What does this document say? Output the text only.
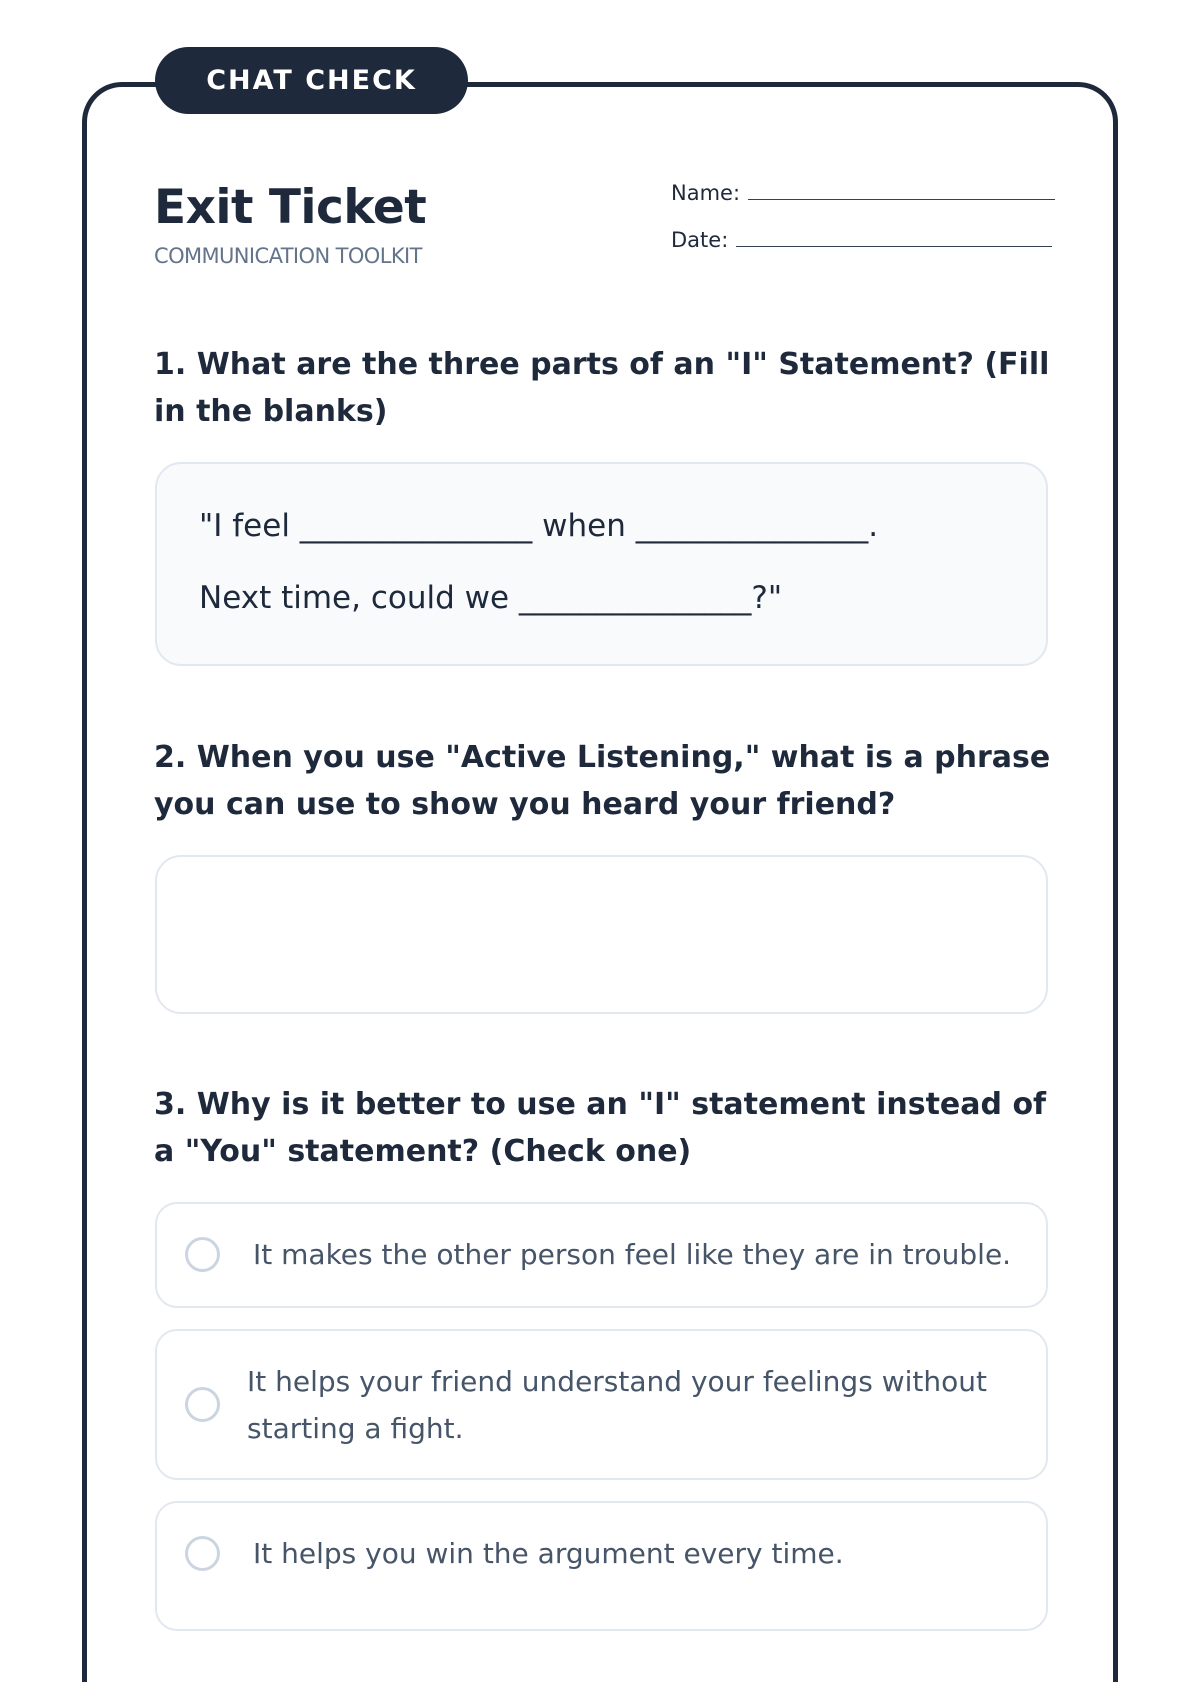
CHAT CHECK
Exit Ticket
COMMUNICATION TOOLKIT
Name:
Date:
1. What are the three parts of an "I" Statement? (Fill in the blanks)
"I feel _______________ when _______________.
Next time, could we _______________?"
2. When you use "Active Listening," what is a phrase you can use to show you heard your friend?
3. Why is it better to use an "I" statement instead of a "You" statement? (Check one)
It makes the other person feel like they are in trouble.
It helps your friend understand your feelings without starting a fight.
It helps you win the argument every time.
